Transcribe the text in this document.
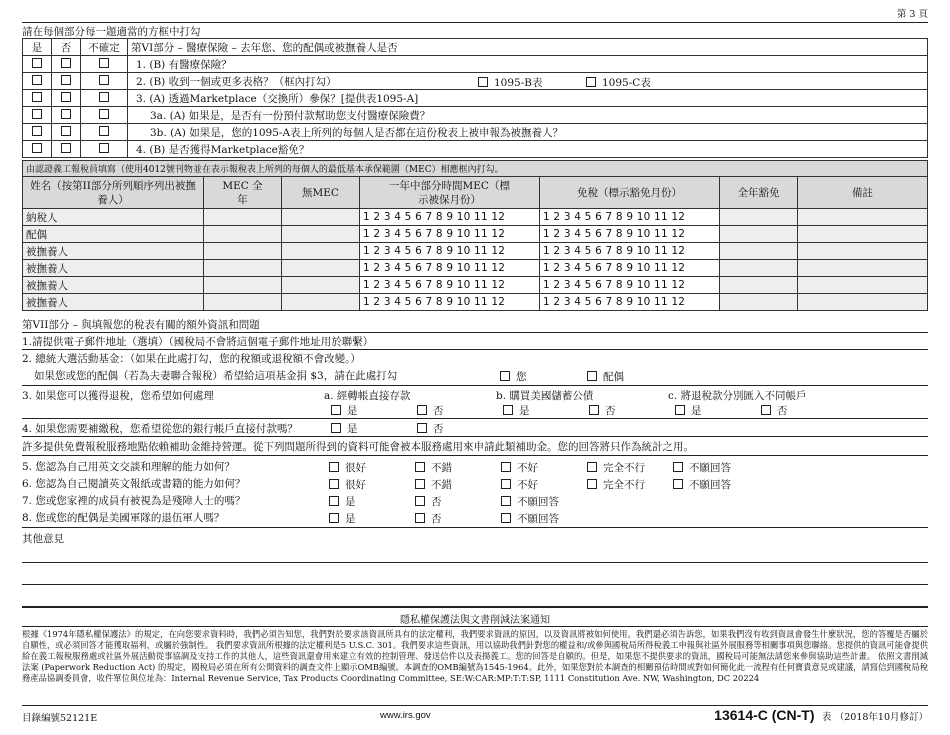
第 3 頁
請在每個部分每一題適當的方框中打勾
是	否	不確定	第VI部分 – 醫療保險 – 去年您、您的配偶或被撫養人是否
			1. (B) 有醫療保險？
			2. (B) 收到一個或更多表格？（框內打勾） 1095-B表 1095-C表

			3. (A) 透過Marketplace（交換所）參保？[提供表1095-A]
			3a. (A) 如果是，是否有一份預付款幫助您支付醫療保險費？
			3b. (A) 如果是，您的1095-A表上所列的每個人是否都在這份稅表上被申報為被撫養人？
			4. (B) 是否獲得Marketplace豁免？
由認證義工報稅員填寫（使用4012號刊物並在表示報稅表上所列的每個人的最低基本承保範圍（MEC）相應框內打勾。						
姓名（按第II部分所列順序列出被撫養人）	MEC 全年	無MEC	一年中部分時間MEC（標示被保月份）	免稅（標示豁免月份）	全年豁免	備註
納稅人			1 2 3 4 5 6 7 8 9 10 11 12	1 2 3 4 5 6 7 8 9 10 11 12		
配偶			1 2 3 4 5 6 7 8 9 10 11 12	1 2 3 4 5 6 7 8 9 10 11 12		
被撫養人			1 2 3 4 5 6 7 8 9 10 11 12	1 2 3 4 5 6 7 8 9 10 11 12		
被撫養人			1 2 3 4 5 6 7 8 9 10 11 12	1 2 3 4 5 6 7 8 9 10 11 12		
被撫養人			1 2 3 4 5 6 7 8 9 10 11 12	1 2 3 4 5 6 7 8 9 10 11 12		
被撫養人			1 2 3 4 5 6 7 8 9 10 11 12	1 2 3 4 5 6 7 8 9 10 11 12		
第VII部分 – 與填報您的稅表有關的額外資訊和問題
1.請提供電子郵件地址（選填）（國稅局不會將這個電子郵件地址用於聯繫）
2. 總統大選活動基金：（如果在此處打勾，您的稅額或退稅額不會改變。）
如果您或您的配偶（若為夫妻聯合報稅）希望給這項基金捐 $3，請在此處打勾	您	配偶
3. 如果您可以獲得退稅，您希望如何處理	a. 經轉帳直接存款	b. 購買美國儲蓄公債	c. 將退稅款分別匯入不同帳戶
是	否	是	否	是	否
4. 如果您需要補繳稅，您希望從您的銀行帳戶直接付款嗎？	是	否
許多提供免費報稅服務地點依賴補助金維持營運。從下列問題所得到的資料可能會被本服務處用來申請此類補助金。您的回答將只作為統計之用。
5. 您認為自己用英文交談和理解的能力如何？	很好	不錯	不好	完全不行	不願回答
6. 您認為自己閱讀英文報紙或書籍的能力如何？	很好	不錯	不好	完全不行	不願回答
7. 您或您家裡的成員有被視為是殘障人士的嗎？	是	否	不願回答
8. 您或您的配偶是美國軍隊的退伍軍人嗎？	是	否	不願回答
其他意見
隱私權保護法與文書削減法案通知
根據《1974年隱私權保護法》的規定，在向您要求資料時，我們必須告知您，我們對於要求該資訊所具有的法定權利，我們要求資訊的原因，以及資訊將被如何使用。我們還必須告訴您，如果我們沒有收到資訊會發生什麼狀況，您的答覆是否屬於自願性，或必須回答才能獲取福利，或屬於強制性。 我們要求資訊所根據的法定權利是5 U.S.C. 301。我們要求這些資訊，用以協助我們針對您的權益和/或參與國稅局所得稅義工申報與社區外展服務等相關事項與您聯絡。您提供的資訊可能會提供給在義工報稅服務處或社區外展活動從事協調及支持工作的其他人，這些資訊還會用來建立有效的控制管理、發送信件以及表揚義工。您的回答是自願的。但是，如果您不提供要求的資訊，國稅局可能無法請您來參與協助這些計畫。 依照文書削減法案 (Paperwork Reduction Act) 的規定，國稅局必須在所有公開資料的調查文件上顯示OMB編號。本調查的OMB編號為1545-1964。此外，如果您對於本調查的相關預估時間或對如何簡化此一流程有任何寶貴意見或建議，請寫信到國稅局稅務產品協調委員會，收件單位與位址為：Internal Revenue Service, Tax Products Coordinating Committee, SE:W:CAR:MP:T:T:SP, 1111 Constitution Ave. NW, Washington, DC 20224
目錄編號52121E	www.irs.gov	13614-C (CN-T) 表 （2018年10月修訂）
